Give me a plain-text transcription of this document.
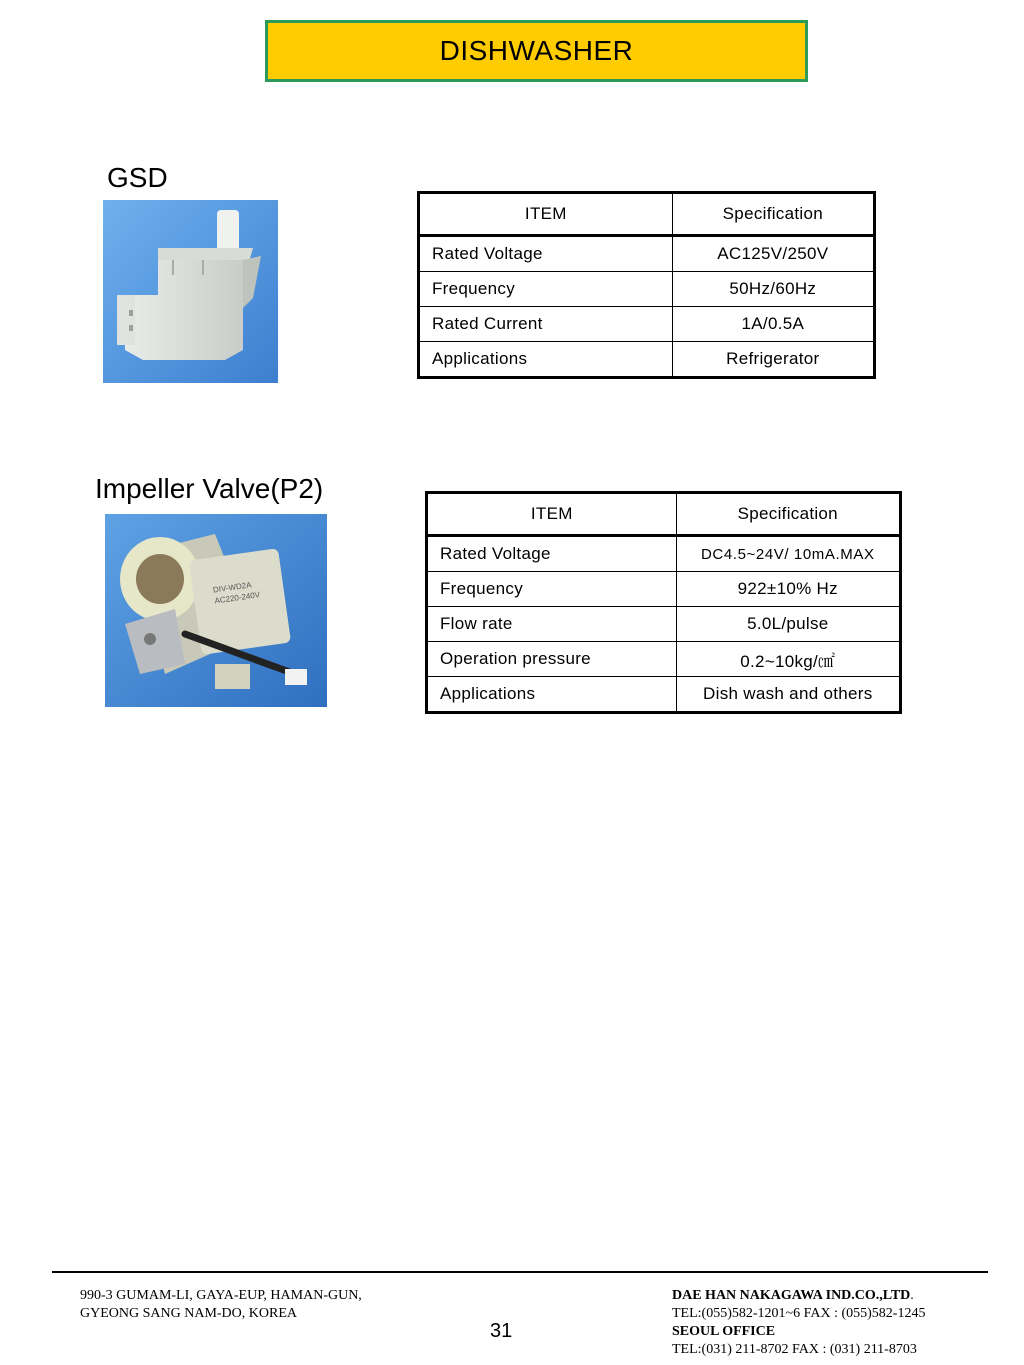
DISHWASHER
GSD
ITEM	Specification
Rated Voltage	AC125V/250V
Frequency	50Hz/60Hz
Rated Current	1A/0.5A
Applications	Refrigerator
Impeller Valve(P2)
DIV-WD2A
AC220-240V
ITEM	Specification
Rated Voltage	DC4.5~24V/ 10mA.MAX
Frequency	922±10% Hz
Flow rate	5.0L/pulse
Operation pressure	0.2~10kg/㎠
Applications	Dish wash and others
990-3 GUMAM-LI, GAYA-EUP, HAMAN-GUN,
GYEONG SANG NAM-DO, KOREA
31
DAE HAN NAKAGAWA IND.CO.,LTD.
TEL:(055)582-1201~6 FAX : (055)582-1245
SEOUL OFFICE
TEL:(031) 211-8702 FAX : (031) 211-8703
